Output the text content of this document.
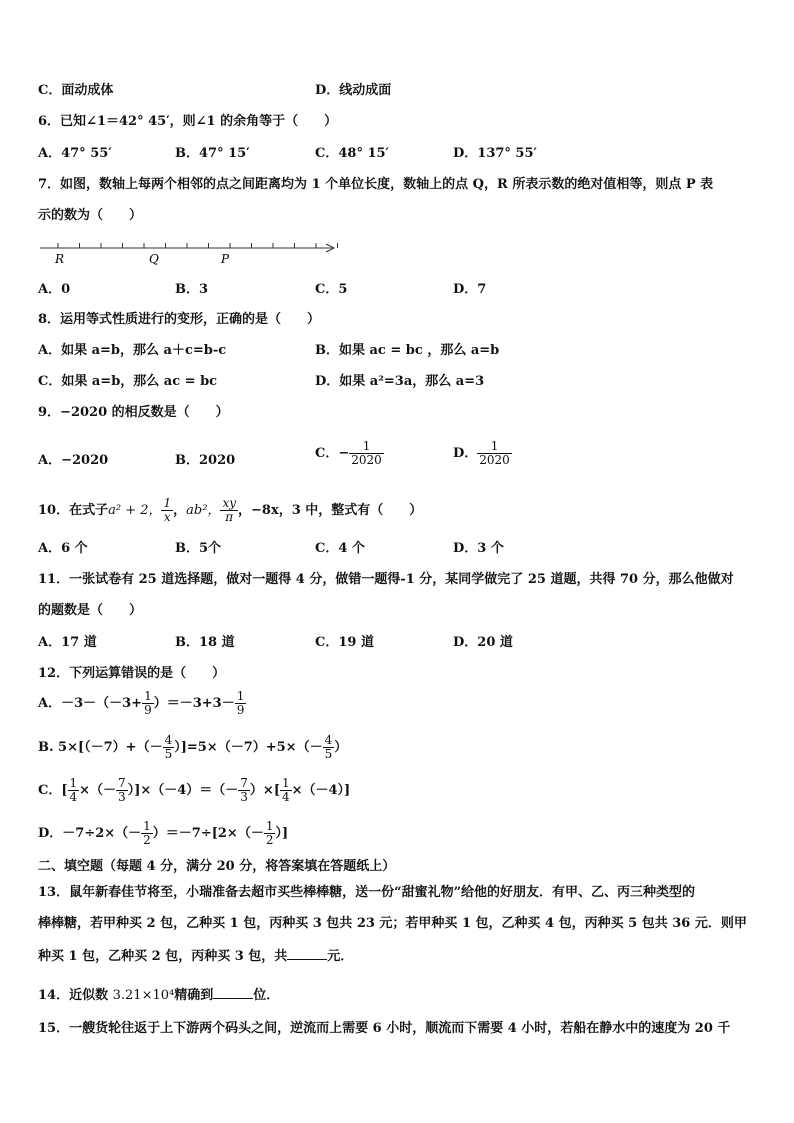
C．面动成体	D．线动成面
6．已知∠1＝42° 45′，则∠1 的余角等于（　　）
A．47° 55′	B．47° 15′	C．48° 15′	D．137° 55′
7．如图，数轴上每两个相邻的点之间距离均为 1 个单位长度，数轴上的点 Q，R 所表示数的绝对值相等，则点 P 表
示的数为（　　）
R	Q	P
A．0	B．3	C．5	D．7
8．运用等式性质进行的变形，正确的是（　　）
A．如果 a=b，那么 a＋c=b-c	B．如果 ac = bc ，那么 a=b
C．如果 a=b，那么 ac = bc	D．如果 a²=3a，那么 a=3
9．−2020 的相反数是（　　）
A．−2020	B．2020	C．− $\frac{1}{2020}$	D． $\frac{1}{2020}$
10．在式子a² + 2， $\frac{1}{x}$ ，ab²， $\frac{xy}{\pi}$ ，−8x，3 中，整式有（　　）
A．6 个	B．5个	C．4 个	D．3 个
11．一张试卷有 25 道选择题，做对一题得 4 分，做错一题得-1 分，某同学做完了 25 道题，共得 70 分，那么他做对
的题数是（　　）
A．17 道	B．18 道	C．19 道	D．20 道
12．下列运算错误的是（　　）
A．$-3-(-3+ \frac{1}{9} )=-3+3- \frac{1}{9}$
B. $5\times[(-7)+(- \frac{4}{5} )]=5\times(-7)+5\times(- \frac{4}{5}$ ）
C．[ $\frac{1}{4}$ ×（－ $\frac{7}{3} )]\times(-4)=(- \frac{7}{3}$ ）×[ $\frac{1}{4} \times(-4)$]
D．$-7\div 2\times(- \frac{1}{2} )=-7\div[2\times(- \frac{1}{2}$ ）]
二、填空题（每题 4 分，满分 20 分，将答案填在答题纸上）
13．鼠年新春佳节将至，小瑞准备去超市买些棒棒糖，送一份“甜蜜礼物”给他的好朋友．有甲、乙、丙三种类型的
棒棒糖，若甲种买 2 包，乙种买 1 包，丙种买 3 包共 23 元；若甲种买 1 包，乙种买 4 包，丙种买 5 包共 36 元．则甲
种买 1 包，乙种买 2 包，丙种买 3 包，共	元．
14．近似数 3.21×10⁴精确到	位．
15．一艘货轮往返于上下游两个码头之间，逆流而上需要 6 小时，顺流而下需要 4 小时，若船在静水中的速度为 20 千
